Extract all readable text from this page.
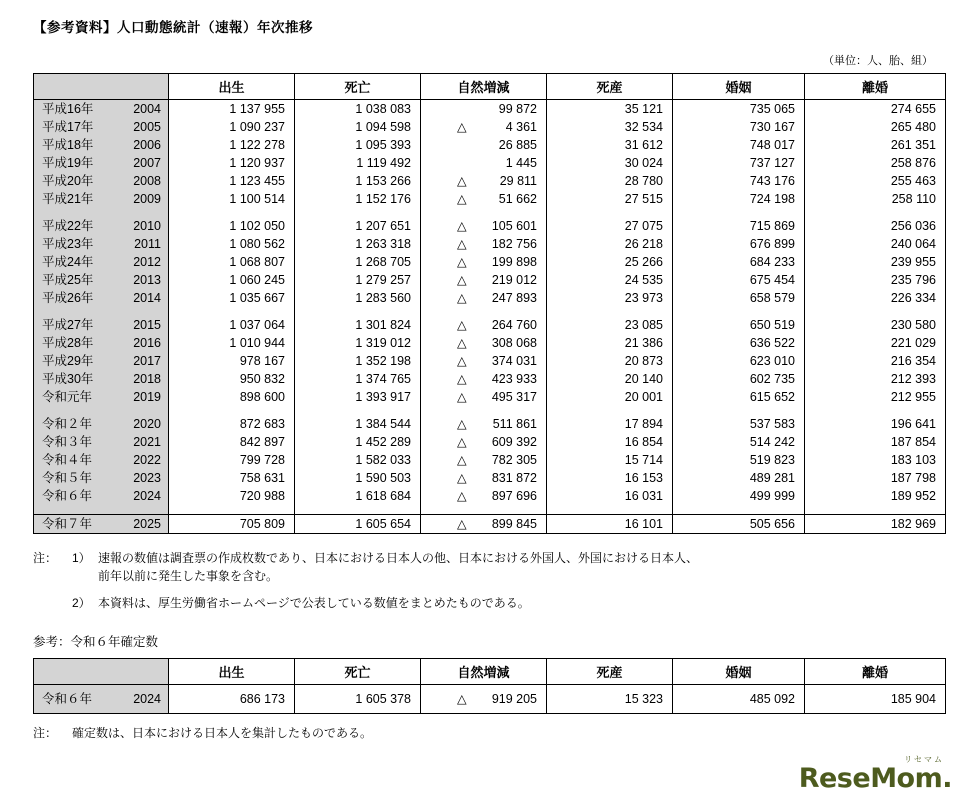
【参考資料】人口動態統計（速報）年次推移
（単位：人、胎、組）
		出生	死亡	自然増減	死産	婚姻	離婚
平成16年	2004	1 137 955	1 038 083	99 872	35 121	735 065	274 655

平成17年	2005	1 090 237	1 094 598	△ 4 361	32 534	730 167	265 480

平成18年	2006	1 122 278	1 095 393	26 885	31 612	748 017	261 351

平成19年	2007	1 120 937	1 119 492	1 445	30 024	737 127	258 876

平成20年	2008	1 123 455	1 153 266	△ 29 811	28 780	743 176	255 463

平成21年	2009	1 100 514	1 152 176	△ 51 662	27 515	724 198	258 110

平成22年	2010	1 102 050	1 207 651	△ 105 601	27 075	715 869	256 036

平成23年	2011	1 080 562	1 263 318	△ 182 756	26 218	676 899	240 064

平成24年	2012	1 068 807	1 268 705	△ 199 898	25 266	684 233	239 955

平成25年	2013	1 060 245	1 279 257	△ 219 012	24 535	675 454	235 796

平成26年	2014	1 035 667	1 283 560	△ 247 893	23 973	658 579	226 334

平成27年	2015	1 037 064	1 301 824	△ 264 760	23 085	650 519	230 580

平成28年	2016	1 010 944	1 319 012	△ 308 068	21 386	636 522	221 029

平成29年	2017	978 167	1 352 198	△ 374 031	20 873	623 010	216 354

平成30年	2018	950 832	1 374 765	△ 423 933	20 140	602 735	212 393

令和元年	2019	898 600	1 393 917	△ 495 317	20 001	615 652	212 955

令和２年	2020	872 683	1 384 544	△ 511 861	17 894	537 583	196 641

令和３年	2021	842 897	1 452 289	△ 609 392	16 854	514 242	187 854

令和４年	2022	799 728	1 582 033	△ 782 305	15 714	519 823	183 103

令和５年	2023	758 631	1 590 503	△ 831 872	16 153	489 281	187 798

令和６年	2024	720 988	1 618 684	△ 897 696	16 031	499 999	189 952

令和７年	2025	705 809	1 605 654	△ 899 845	16 101	505 656	182 969
注：	1） 速報の数値は調査票の作成枚数であり、日本における日本人の他、日本における外国人、外国における日本人、
前年以前に発生した事象を含む。
2） 本資料は、厚生労働省ホームページで公表している数値をまとめたものである。
参考：令和６年確定数
		出生	死亡	自然増減	死産	婚姻	離婚
令和６年	2024	686 173	1 605 378	△ 919 205	15 323	485 092	185 904
注：	確定数は、日本における日本人を集計したものである。
リセマム
ReseMom.
